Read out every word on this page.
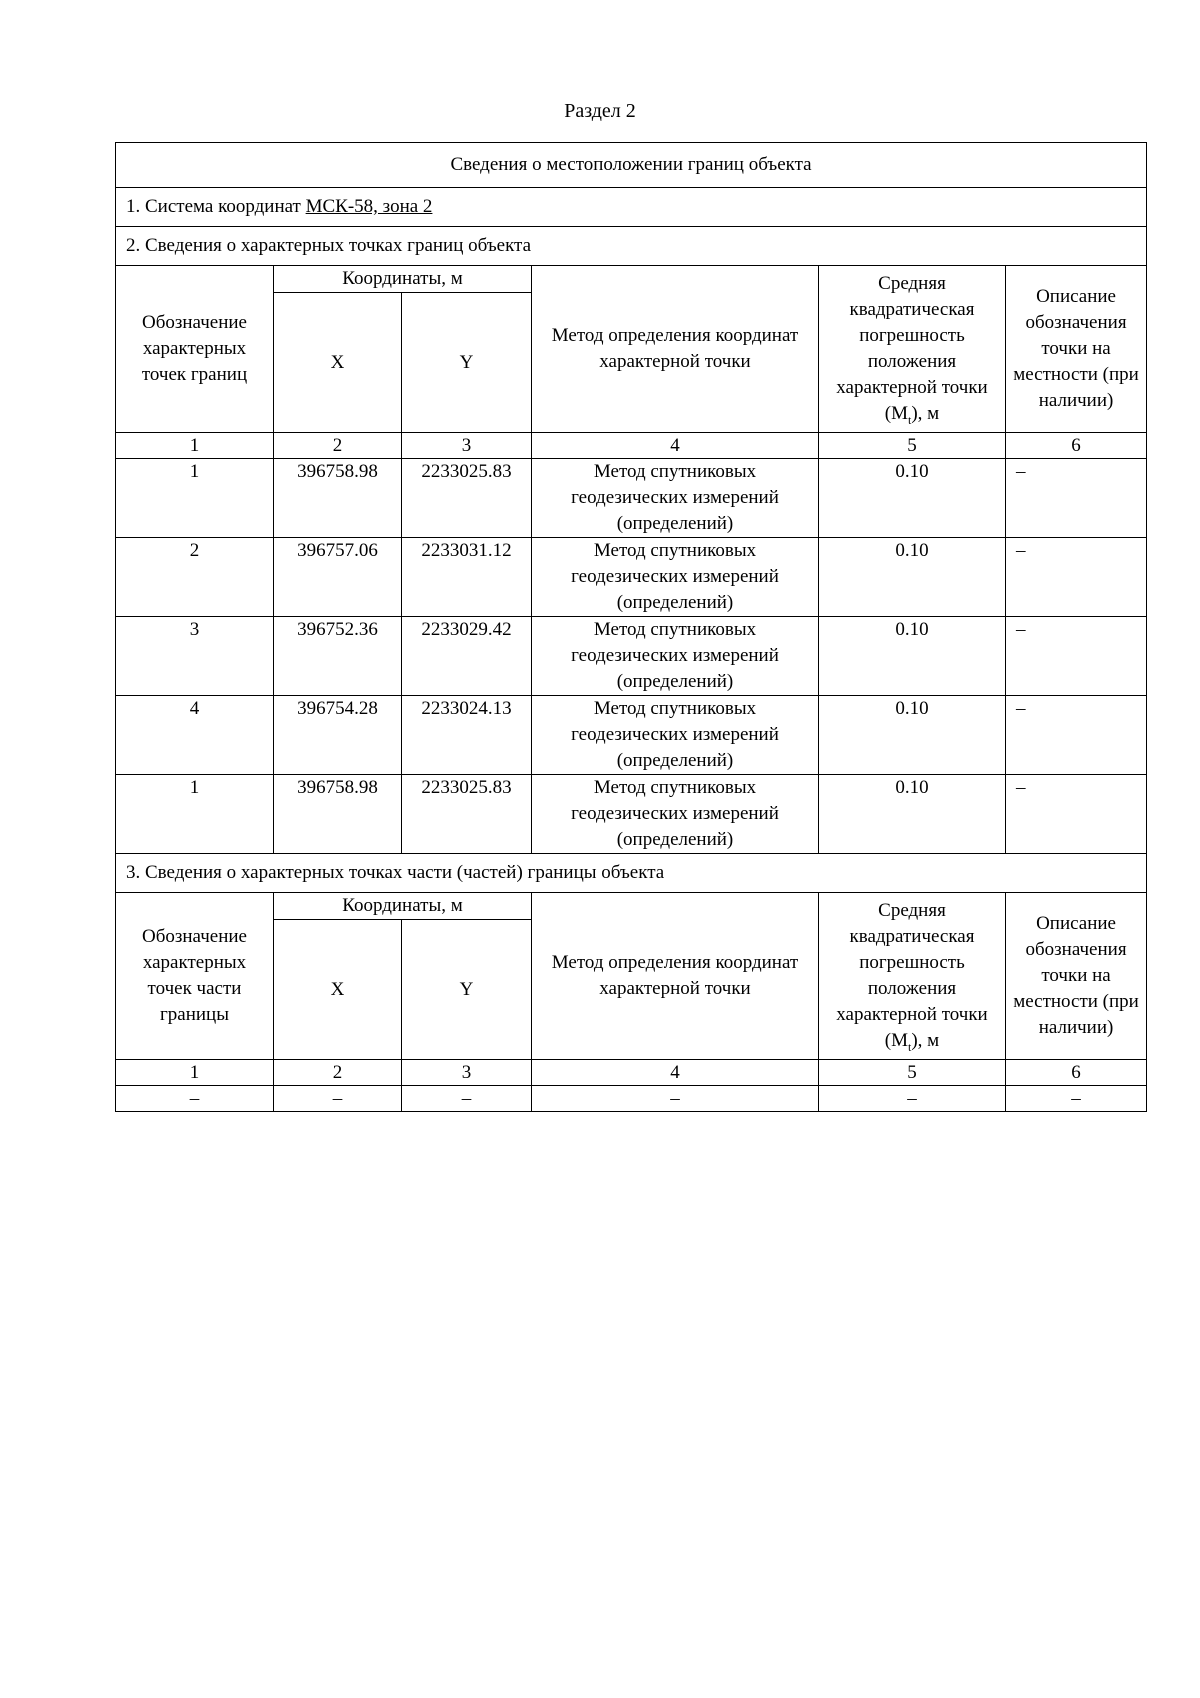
Раздел 2
Сведения о местоположении границ объекта					
1. Система координат МСК-58, зона 2					
2. Сведения о характерных точках границ объекта					
Обозначение характерных точек границ	Координаты, м		Метод определения координат характерной точки	Средняя квадратическая погрешность положения характерной точки $(M_t)$, м	Описание обозначения точки на местности (при наличии)
	X	Y			
1	2	3	4	5	6
1	396758.98	2233025.83	Метод спутниковых геодезических измерений (определений)	0.10	–
2	396757.06	2233031.12	Метод спутниковых геодезических измерений (определений)	0.10	–
3	396752.36	2233029.42	Метод спутниковых геодезических измерений (определений)	0.10	–
4	396754.28	2233024.13	Метод спутниковых геодезических измерений (определений)	0.10	–
1	396758.98	2233025.83	Метод спутниковых геодезических измерений (определений)	0.10	–
3. Сведения о характерных точках части (частей) границы объекта					
Обозначение характерных точек части границы	Координаты, м		Метод определения координат характерной точки	Средняя квадратическая погрешность положения характерной точки $(M_t)$, м	Описание обозначения точки на местности (при наличии)
	X	Y			
1	2	3	4	5	6
–	–	–	–	–	–
